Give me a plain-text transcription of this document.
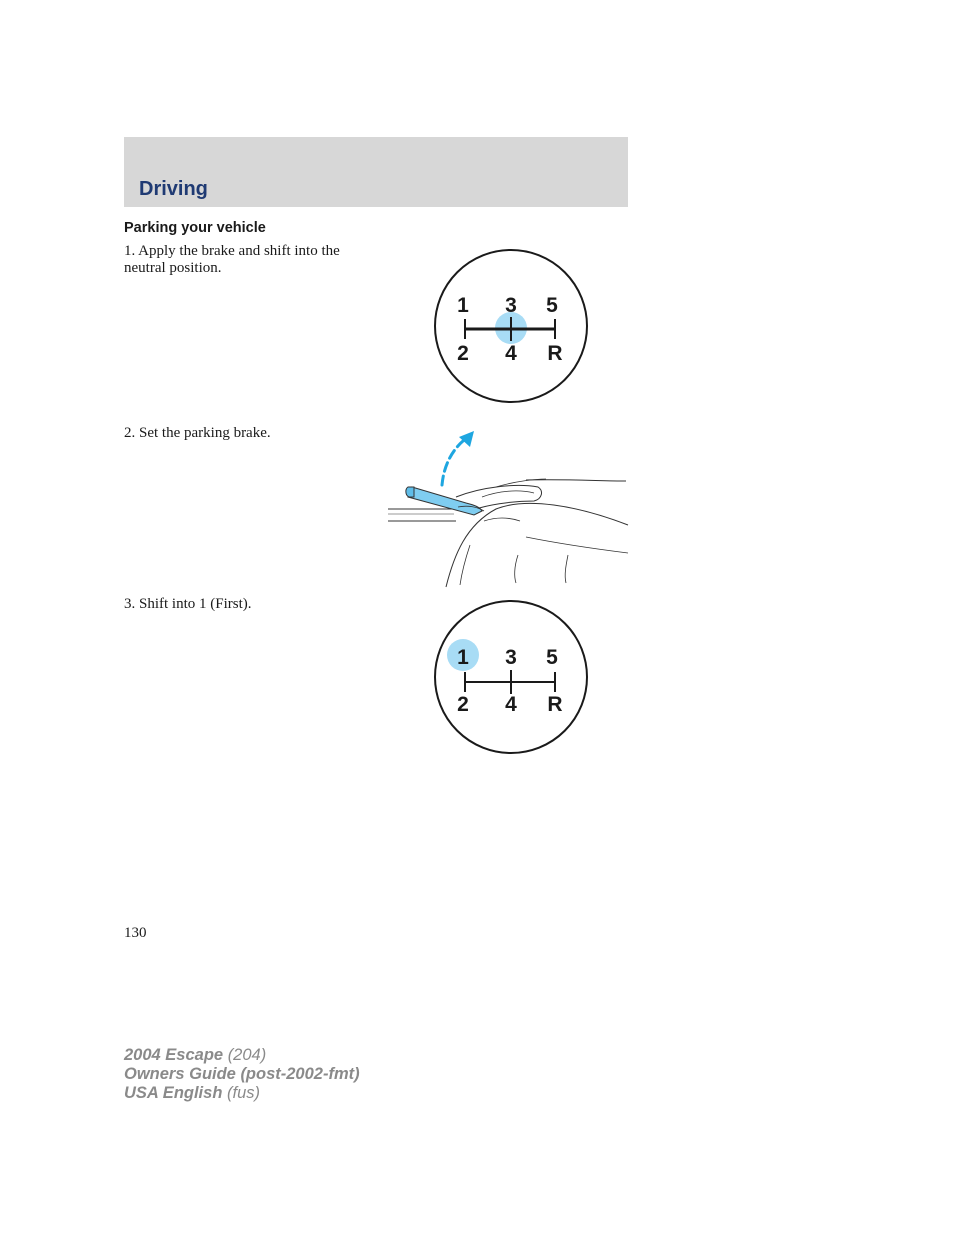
Driving
Parking your vehicle
1. Apply the brake and shift into the neutral position.
2. Set the parking brake.
3. Shift into 1 (First).
1 3 5
2 4 R
1 3 5
2 4 R
130
2004 Escape (204)
Owners Guide (post-2002-fmt)
USA English (fus)
